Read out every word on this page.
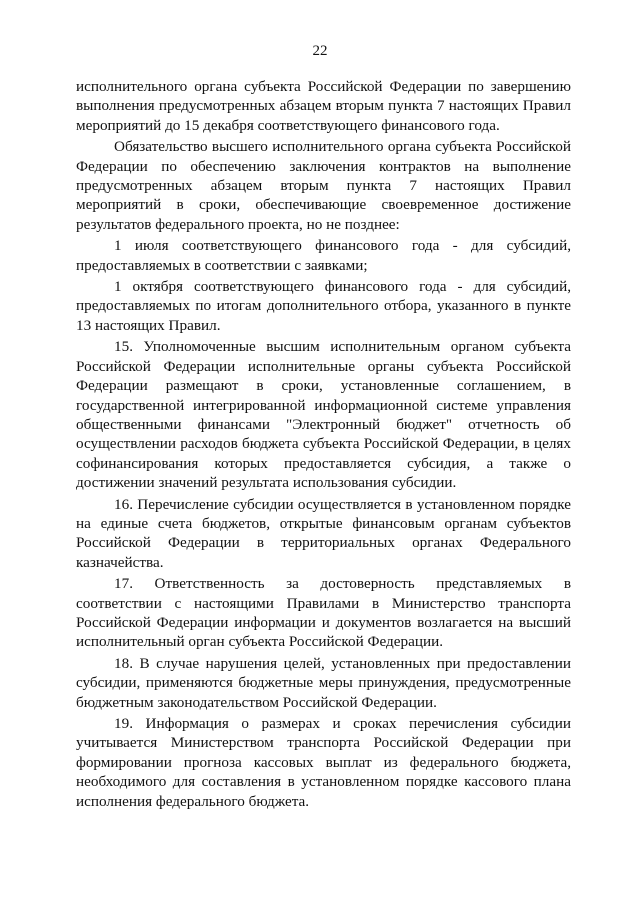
22

исполнительного органа субъекта Российской Федерации по завершению выполнения предусмотренных абзацем вторым пункта 7 настоящих Правил мероприятий до 15 декабря соответствующего финансового года.

Обязательство высшего исполнительного органа субъекта Российской Федерации по обеспечению заключения контрактов на выполнение предусмотренных абзацем вторым пункта 7 настоящих Правил мероприятий в сроки, обеспечивающие своевременное достижение результатов федерального проекта, но не позднее:

1 июля соответствующего финансового года - для субсидий, предоставляемых в соответствии с заявками;

1 октября соответствующего финансового года - для субсидий, предоставляемых по итогам дополнительного отбора, указанного в пункте 13 настоящих Правил.

15. Уполномоченные высшим исполнительным органом субъекта Российской Федерации исполнительные органы субъекта Российской Федерации размещают в сроки, установленные соглашением, в государственной интегрированной информационной системе управления общественными финансами "Электронный бюджет" отчетность об осуществлении расходов бюджета субъекта Российской Федерации, в целях софинансирования которых предоставляется субсидия, а также о достижении значений результата использования субсидии.

16. Перечисление субсидии осуществляется в установленном порядке на единые счета бюджетов, открытые финансовым органам субъектов Российской Федерации в территориальных органах Федерального казначейства.

17. Ответственность за достоверность представляемых в соответствии с настоящими Правилами в Министерство транспорта Российской Федерации информации и документов возлагается на высший исполнительный орган субъекта Российской Федерации.

18. В случае нарушения целей, установленных при предоставлении субсидии, применяются бюджетные меры принуждения, предусмотренные бюджетным законодательством Российской Федерации.

19. Информация о размерах и сроках перечисления субсидии учитывается Министерством транспорта Российской Федерации при формировании прогноза кассовых выплат из федерального бюджета, необходимого для составления в установленном порядке кассового плана исполнения федерального бюджета.
